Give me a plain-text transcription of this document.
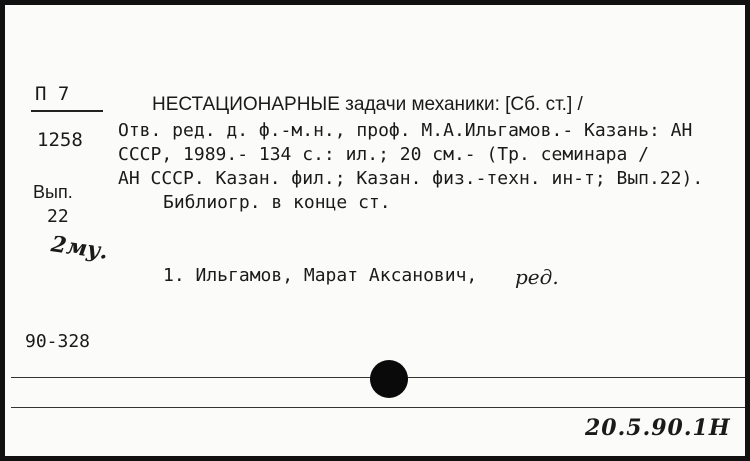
П 7
1258
Вып.
22
2му.
НЕСТАЦИОНАРНЫЕ задачи механики: [Сб. ст.] /
Отв. ред. д. ф.-м.н., проф. М.А.Ильгамов.- Казань: АН
СССР, 1989.- 134 с.: ил.; 20 см.- (Тр. семинара /
АН СССР. Казан. фил.; Казан. физ.-техн. ин-т; Вып.22).
Библиогр. в конце ст.
1. Ильгамов, Марат Аксанович, ред.
90-328
20.5.90.1Н
